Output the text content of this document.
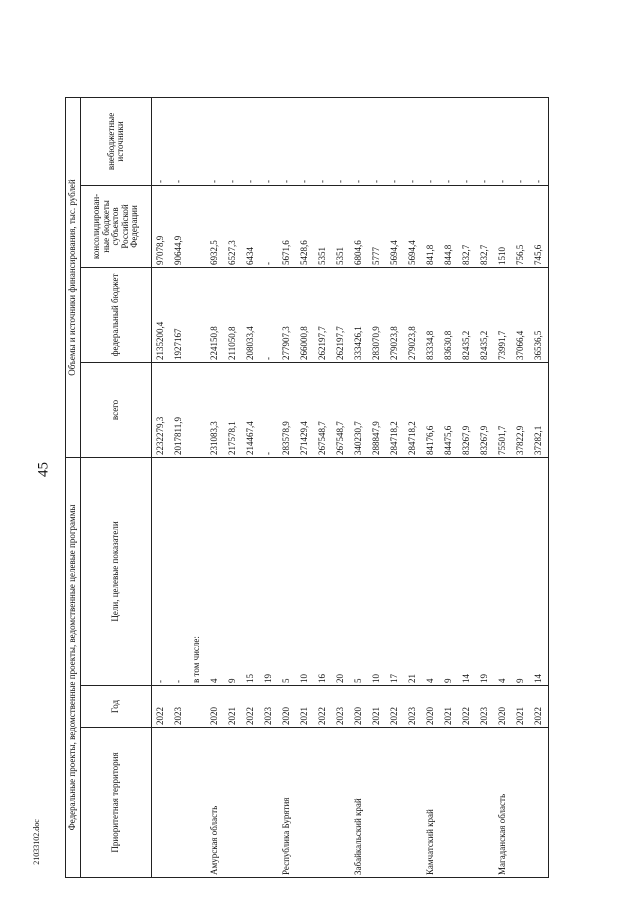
45
Федеральные проекты, ведомственные проекты, ведомственные целевые программы			Объемы и источники финансирования, тыс. рублей			
Приоритетная территория	Год	Цели, целевые показатели	всего	федеральный бюджет	консолидированные бюджеты субъектов Российской Федерации	внебюджетные источники

	2022	-	2232279,3	2135200,4	97078,9	-
	2023	-	2017811,9	1927167	90644,9	-
		в том числе:				
Амурская область	2020	4	231083,3	224150,8	6932,5	-
	2021	9	217578,1	211050,8	6527,3	-
	2022	15	214467,4	208033,4	6434	-
	2023	19	-	-	-	-
Республика Бурятия	2020	5	283578,9	277907,3	5671,6	-
	2021	10	271429,4	266000,8	5428,6	-
	2022	16	267548,7	262197,7	5351	-
	2023	20	267548,7	262197,7	5351	-
Забайкальский край	2020	5	340230,7	333426,1	6804,6	-
	2021	10	288847,9	283070,9	5777	-
	2022	17	284718,2	279023,8	5694,4	-
	2023	21	284718,2	279023,8	5694,4	-
Камчатский край	2020	4	84176,6	83334,8	841,8	-
	2021	9	84475,6	83630,8	844,8	-
	2022	14	83267,9	82435,2	832,7	-
	2023	19	83267,9	82435,2	832,7	-
Магаданская область	2020	4	75501,7	73991,7	1510	-
	2021	9	37822,9	37066,4	756,5	-
	2022	14	37282,1	36536,5	745,6	-
21033102.doc
